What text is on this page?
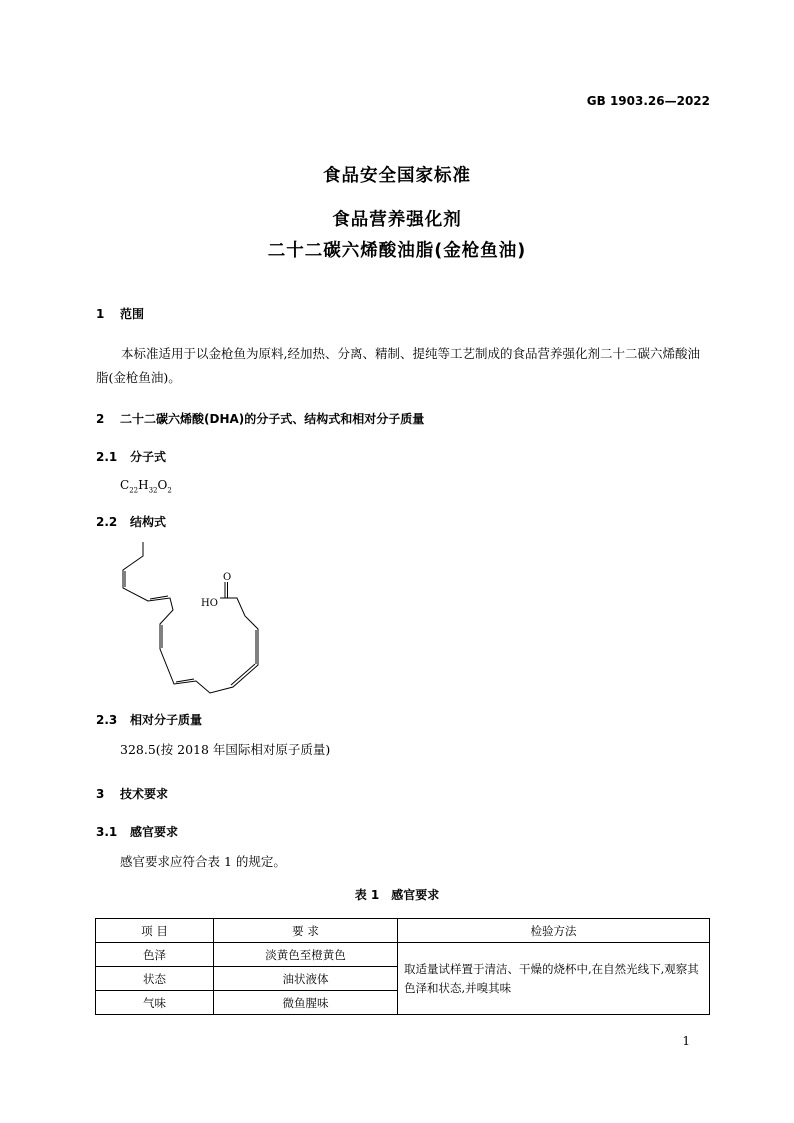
GB 1903.26—2022
食品安全国家标准
食品营养强化剂
二十二碳六烯酸油脂(金枪鱼油)
1 范围
本标准适用于以金枪鱼为原料,经加热、分离、精制、提纯等工艺制成的食品营养强化剂二十二碳六烯酸油脂(金枪鱼油)。
2 二十二碳六烯酸(DHA)的分子式、结构式和相对分子质量
2.1 分子式
$C_{22}H_{32}O_2$
2.2 结构式
HO
O
2.3 相对分子质量
328.5(按 2018 年国际相对原子质量)
3 技术要求
3.1 感官要求
感官要求应符合表 1 的规定。
表 1　感官要求
项 目	要 求	检验方法
色泽	淡黄色至橙黄色	取适量试样置于清洁、干燥的烧杯中,在自然光线下,观察其色泽和状态,并嗅其味
状态	油状液体	
气味	微鱼腥味	
1
